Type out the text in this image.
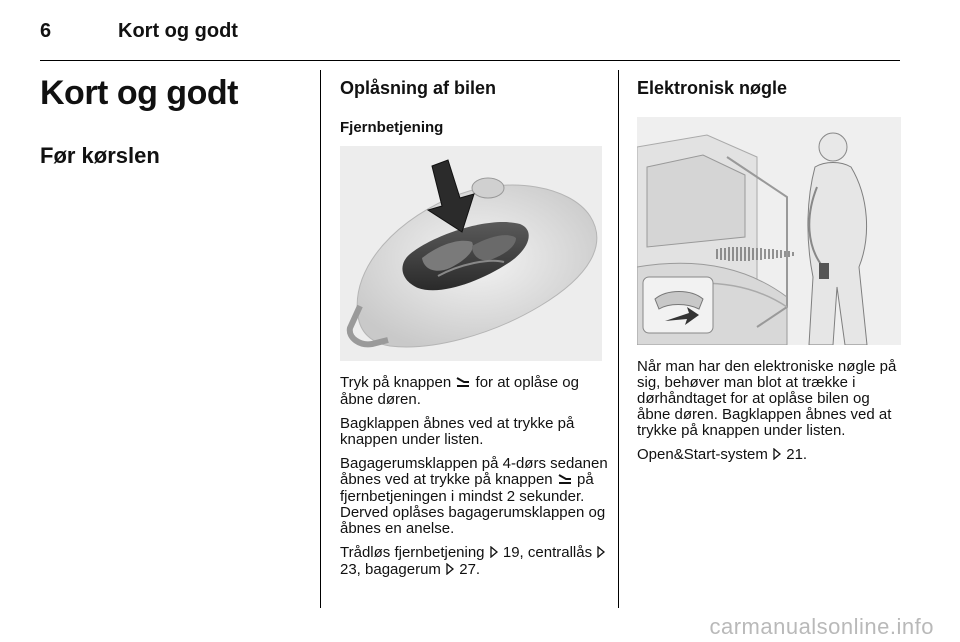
6	Kort og godt
Kort og godt
Før kørslen
Oplåsning af bilen
Fjernbetjening

Tryk på knappen for at oplåse og åbne døren.

Bagklappen åbnes ved at trykke på knappen under listen.

Bagagerumsklappen på 4-dørs sedanen åbnes ved at trykke på knappen på fjernbetjeningen i mindst 2 sekunder. Derved oplåses bagagerumsklappen og åbnes en anelse.

Trådløs fjernbetjening 19, centrallås  23, bagagerum 27.

Elektronisk nøgle

Når man har den elektroniske nøgle på sig, behøver man blot at trække i dørhåndtaget for at oplåse bilen og åbne døren. Bagklappen åbnes ved at trykke på knappen under listen.

Open&Start-system 21.

carmanualsonline.info
